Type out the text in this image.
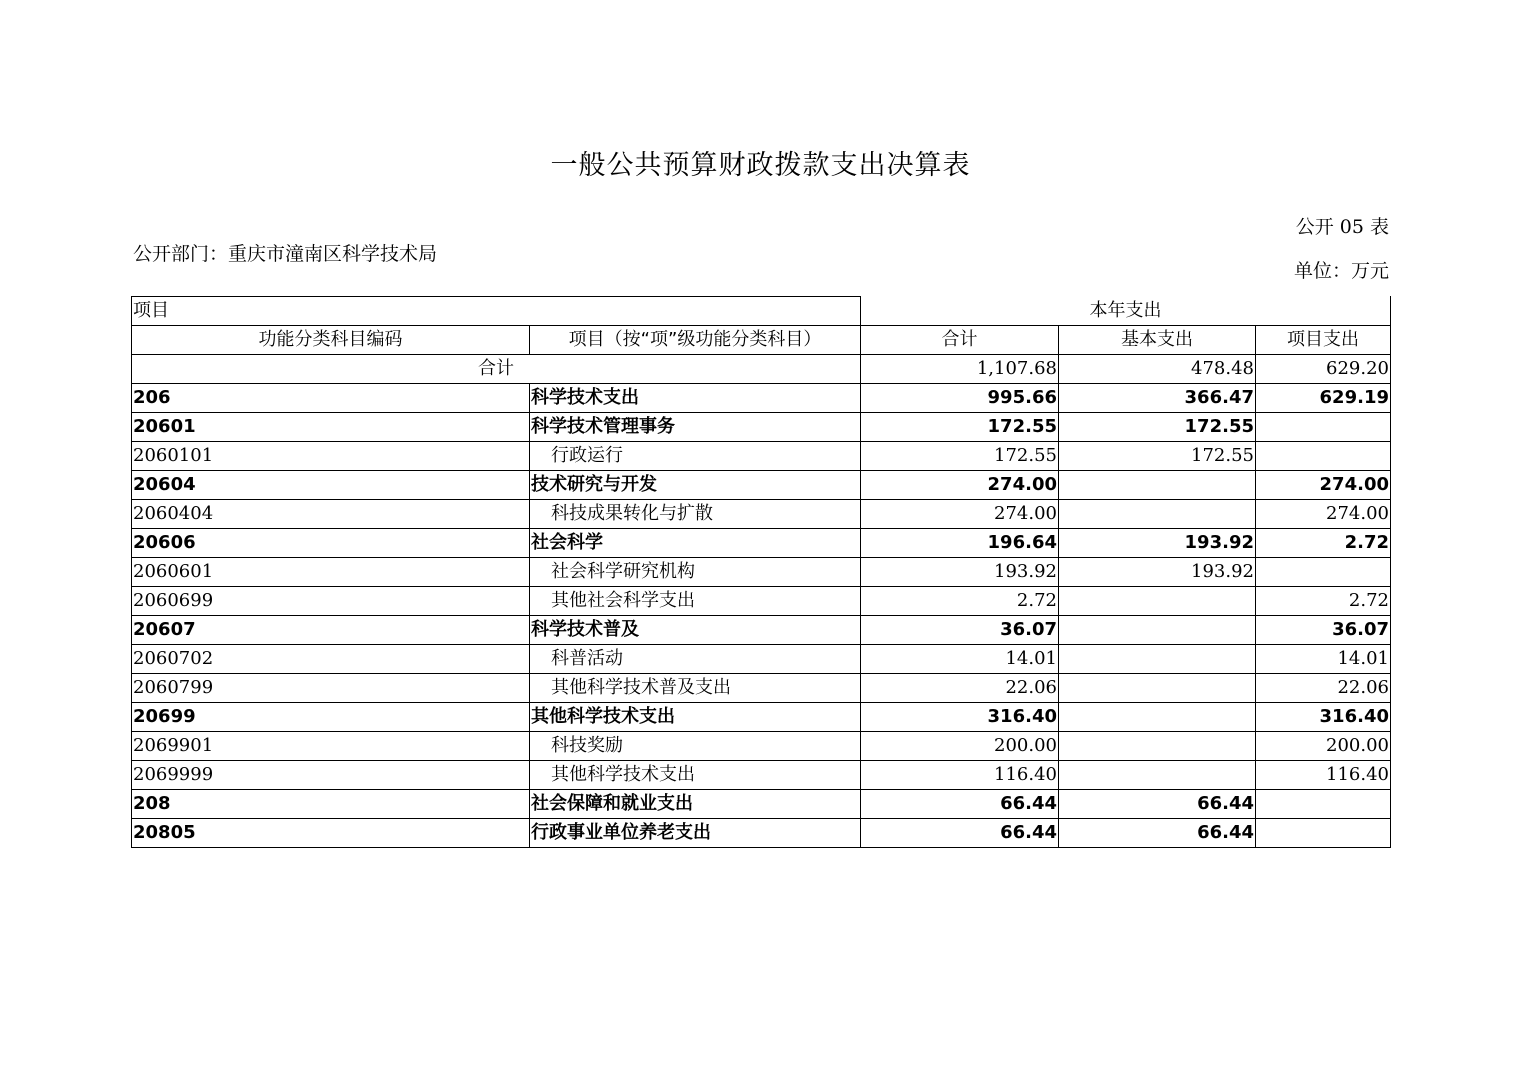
一般公共预算财政拨款支出决算表
公开 05 表
公开部门：重庆市潼南区科学技术局
单位：万元
项目		本年支出		
功能分类科目编码	项目（按“项”级功能分类科目）	合计	基本支出	项目支出
合计		1,107.68	478.48	629.20
206	科学技术支出	995.66	366.47	629.19
20601	科学技术管理事务	172.55	172.55	
2060101	行政运行	172.55	172.55	
20604	技术研究与开发	274.00		274.00
2060404	科技成果转化与扩散	274.00		274.00
20606	社会科学	196.64	193.92	2.72
2060601	社会科学研究机构	193.92	193.92	
2060699	其他社会科学支出	2.72		2.72
20607	科学技术普及	36.07		36.07
2060702	科普活动	14.01		14.01
2060799	其他科学技术普及支出	22.06		22.06
20699	其他科学技术支出	316.40		316.40
2069901	科技奖励	200.00		200.00
2069999	其他科学技术支出	116.40		116.40
208	社会保障和就业支出	66.44	66.44	
20805	行政事业单位养老支出	66.44	66.44	
